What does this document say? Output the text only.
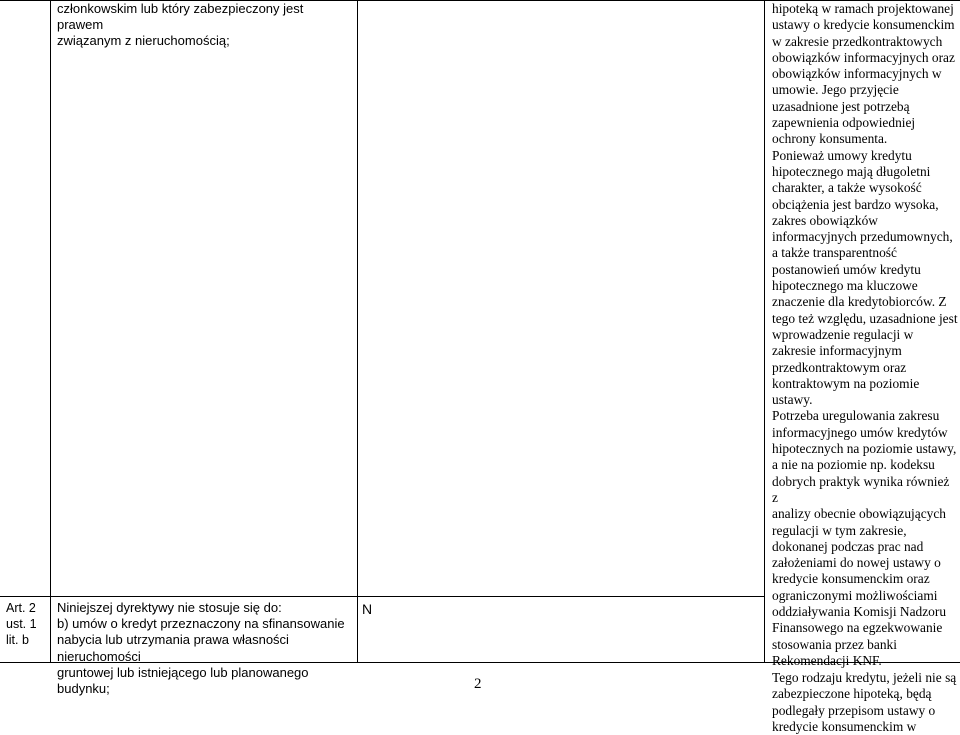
członkowskim lub który zabezpieczony jest prawem
związanym z nieruchomością;
Art. 2
ust. 1
lit. b
Niniejszej dyrektywy nie stosuje się do:
b) umów o kredyt przeznaczony na sfinansowanie
nabycia lub utrzymania prawa własności nieruchomości
gruntowej lub istniejącego lub planowanego budynku;
N

hipoteką w ramach projektowanej
ustawy o kredycie konsumenckim
w zakresie przedkontraktowych
obowiązków informacyjnych oraz
obowiązków informacyjnych w
umowie. Jego przyjęcie
uzasadnione jest potrzebą
zapewnienia odpowiedniej
ochrony konsumenta.

Ponieważ umowy kredytu
hipotecznego mają długoletni
charakter, a także wysokość
obciążenia jest bardzo wysoka,
zakres obowiązków
informacyjnych przedumownych,
a także transparentność
postanowień umów kredytu
hipotecznego ma kluczowe
znaczenie dla kredytobiorców. Z
tego też względu, uzasadnione jest
wprowadzenie regulacji w
zakresie informacyjnym
przedkontraktowym oraz
kontraktowym na poziomie
ustawy.

Potrzeba uregulowania zakresu
informacyjnego umów kredytów
hipotecznych na poziomie ustawy,
a nie na poziomie np. kodeksu
dobrych praktyk wynika również z
analizy obecnie obowiązujących
regulacji w tym zakresie,
dokonanej podczas prac nad
założeniami do nowej ustawy o
kredycie konsumenckim oraz
ograniczonymi możliwościami
oddziaływania Komisji Nadzoru
Finansowego na egzekwowanie
stosowania przez banki
Rekomendacji KNF.

Tego rodzaju kredytu, jeżeli nie są
zabezpieczone hipoteką, będą
podlegały przepisom ustawy o
kredycie konsumenckim w

2
